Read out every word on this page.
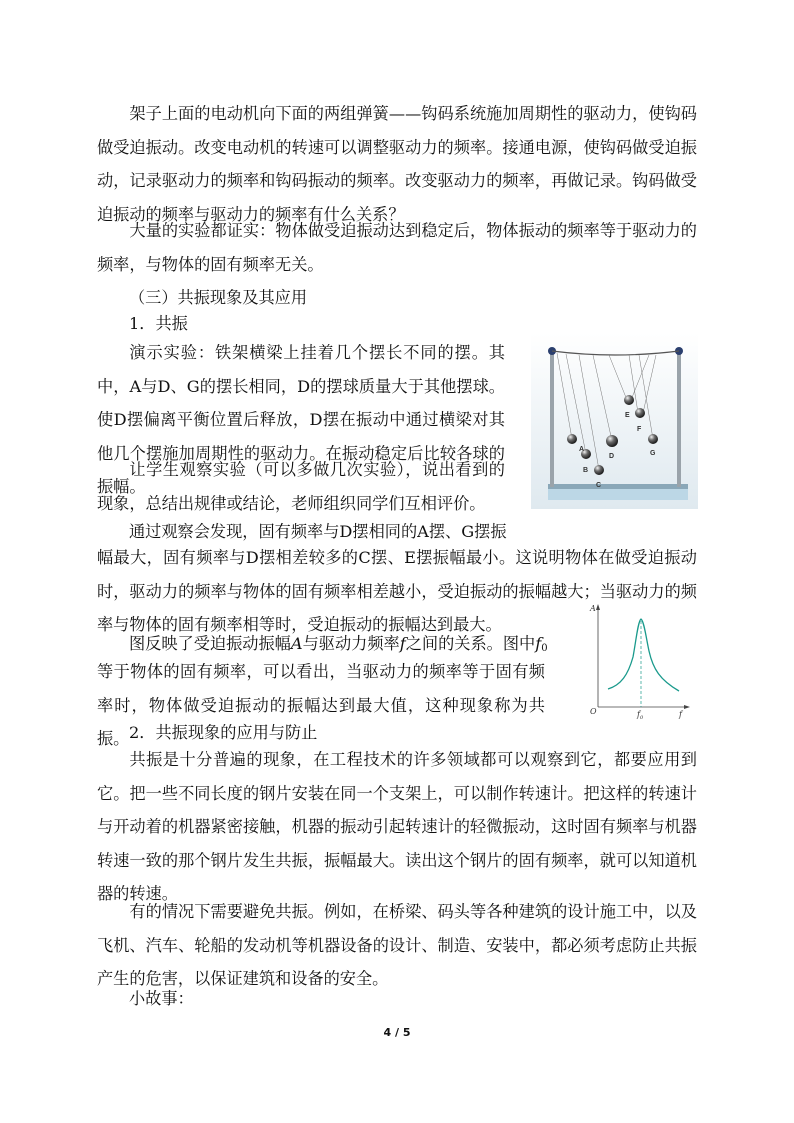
架子上面的电动机向下面的两组弹簧——钩码系统施加周期性的驱动力，使钩码做受迫振动。改变电动机的转速可以调整驱动力的频率。接通电源，使钩码做受迫振动，记录驱动力的频率和钩码振动的频率。改变驱动力的频率，再做记录。钩码做受迫振动的频率与驱动力的频率有什么关系？

大量的实验都证实：物体做受迫振动达到稳定后，物体振动的频率等于驱动力的频率，与物体的固有频率无关。

（三）共振现象及其应用

1．共振

演示实验：铁架横梁上挂着几个摆长不同的摆。其中，A与D、G的摆长相同，D的摆球质量大于其他摆球。使D摆偏离平衡位置后释放，D摆在振动中通过横梁对其他几个摆施加周期性的驱动力。在振动稳定后比较各球的振幅。

让学生观察实验（可以多做几次实验），说出看到的现象，总结出规律或结论，老师组织同学们互相评价。

通过观察会发现，固有频率与D摆相同的A摆、G摆振

幅最大，固有频率与D摆相差较多的C摆、E摆振幅最小。这说明物体在做受迫振动时，驱动力的频率与物体的固有频率相差越小，受迫振动的振幅越大；当驱动力的频率与物体的固有频率相等时，受迫振动的振幅达到最大。

图反映了受迫振动振幅A与驱动力频率f之间的关系。图中$f_0$

等于物体的固有频率，可以看出，当驱动力的频率等于固有频率时，物体做受迫振动的振幅达到最大值，这种现象称为共振。 2．共振现象的应用与防止

共振是十分普遍的现象，在工程技术的许多领域都可以观察到它，都要应用到它。把一些不同长度的钢片安装在同一个支架上，可以制作转速计。把这样的转速计与开动着的机器紧密接触，机器的振动引起转速计的轻微振动，这时固有频率与机器转速一致的那个钢片发生共振，振幅最大。读出这个钢片的固有频率，就可以知道机器的转速。

有的情况下需要避免共振。例如，在桥梁、码头等各种建筑的设计施工中，以及飞机、汽车、轮船的发动机等机器设备的设计、制造、安装中，都必须考虑防止共振产生的危害，以保证建筑和设备的安全。

小故事：

A
B
C
D
E
F
G
A
O	f
$f_0$
4 / 5
